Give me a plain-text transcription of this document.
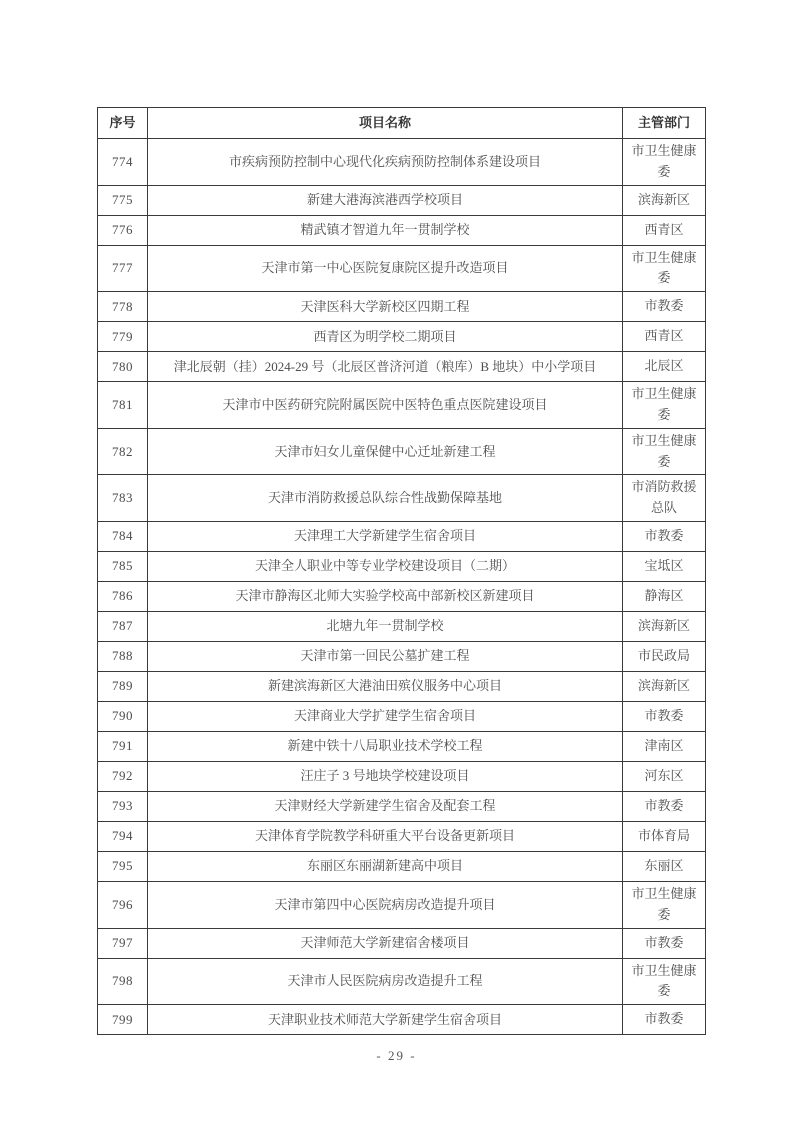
序号	项目名称	主管部门
774	市疾病预防控制中心现代化疾病预防控制体系建设项目	市卫生健康委
775	新建大港海滨港西学校项目	滨海新区
776	精武镇才智道九年一贯制学校	西青区
777	天津市第一中心医院复康院区提升改造项目	市卫生健康委
778	天津医科大学新校区四期工程	市教委
779	西青区为明学校二期项目	西青区
780	津北辰朝（挂）2024-29 号（北辰区普济河道（粮库）B 地块）中小学项目	北辰区
781	天津市中医药研究院附属医院中医特色重点医院建设项目	市卫生健康委
782	天津市妇女儿童保健中心迁址新建工程	市卫生健康委
783	天津市消防救援总队综合性战勤保障基地	市消防救援总队
784	天津理工大学新建学生宿舍项目	市教委
785	天津全人职业中等专业学校建设项目（二期）	宝坻区
786	天津市静海区北师大实验学校高中部新校区新建项目	静海区
787	北塘九年一贯制学校	滨海新区
788	天津市第一回民公墓扩建工程	市民政局
789	新建滨海新区大港油田殡仪服务中心项目	滨海新区
790	天津商业大学扩建学生宿舍项目	市教委
791	新建中铁十八局职业技术学校工程	津南区
792	汪庄子 3 号地块学校建设项目	河东区
793	天津财经大学新建学生宿舍及配套工程	市教委
794	天津体育学院教学科研重大平台设备更新项目	市体育局
795	东丽区东丽湖新建高中项目	东丽区
796	天津市第四中心医院病房改造提升项目	市卫生健康委
797	天津师范大学新建宿舍楼项目	市教委
798	天津市人民医院病房改造提升工程	市卫生健康委
799	天津职业技术师范大学新建学生宿舍项目	市教委
- 29 -
